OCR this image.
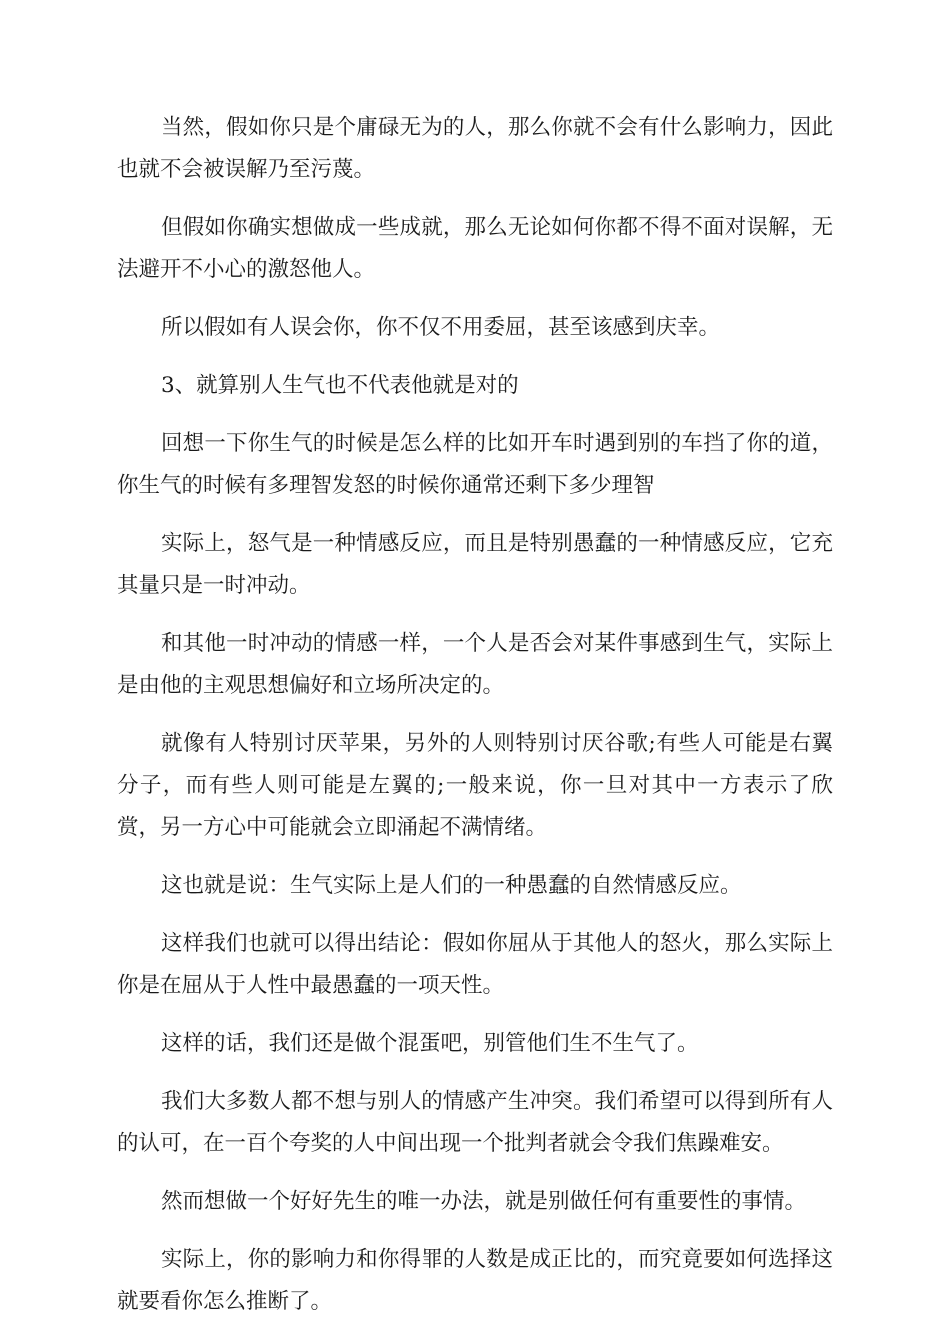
当然，假如你只是个庸碌无为的人，那么你就不会有什么影响力，因此也就不会被误解乃至污蔑。

但假如你确实想做成一些成就，那么无论如何你都不得不面对误解，无法避开不小心的激怒他人。

所以假如有人误会你，你不仅不用委屈，甚至该感到庆幸。

3、就算别人生气也不代表他就是对的

回想一下你生气的时候是怎么样的比如开车时遇到别的车挡了你的道，你生气的时候有多理智发怒的时候你通常还剩下多少理智

实际上，怒气是一种情感反应，而且是特别愚蠢的一种情感反应，它充其量只是一时冲动。

和其他一时冲动的情感一样，一个人是否会对某件事感到生气，实际上是由他的主观思想偏好和立场所决定的。

就像有人特别讨厌苹果，另外的人则特别讨厌谷歌;有些人可能是右翼分子，而有些人则可能是左翼的;一般来说，你一旦对其中一方表示了欣赏，另一方心中可能就会立即涌起不满情绪。

这也就是说：生气实际上是人们的一种愚蠢的自然情感反应。

这样我们也就可以得出结论：假如你屈从于其他人的怒火，那么实际上你是在屈从于人性中最愚蠢的一项天性。

这样的话，我们还是做个混蛋吧，别管他们生不生气了。

我们大多数人都不想与别人的情感产生冲突。我们希望可以得到所有人的认可，在一百个夸奖的人中间出现一个批判者就会令我们焦躁难安。

然而想做一个好好先生的唯一办法，就是别做任何有重要性的事情。

实际上，你的影响力和你得罪的人数是成正比的，而究竟要如何选择这就要看你怎么推断了。
